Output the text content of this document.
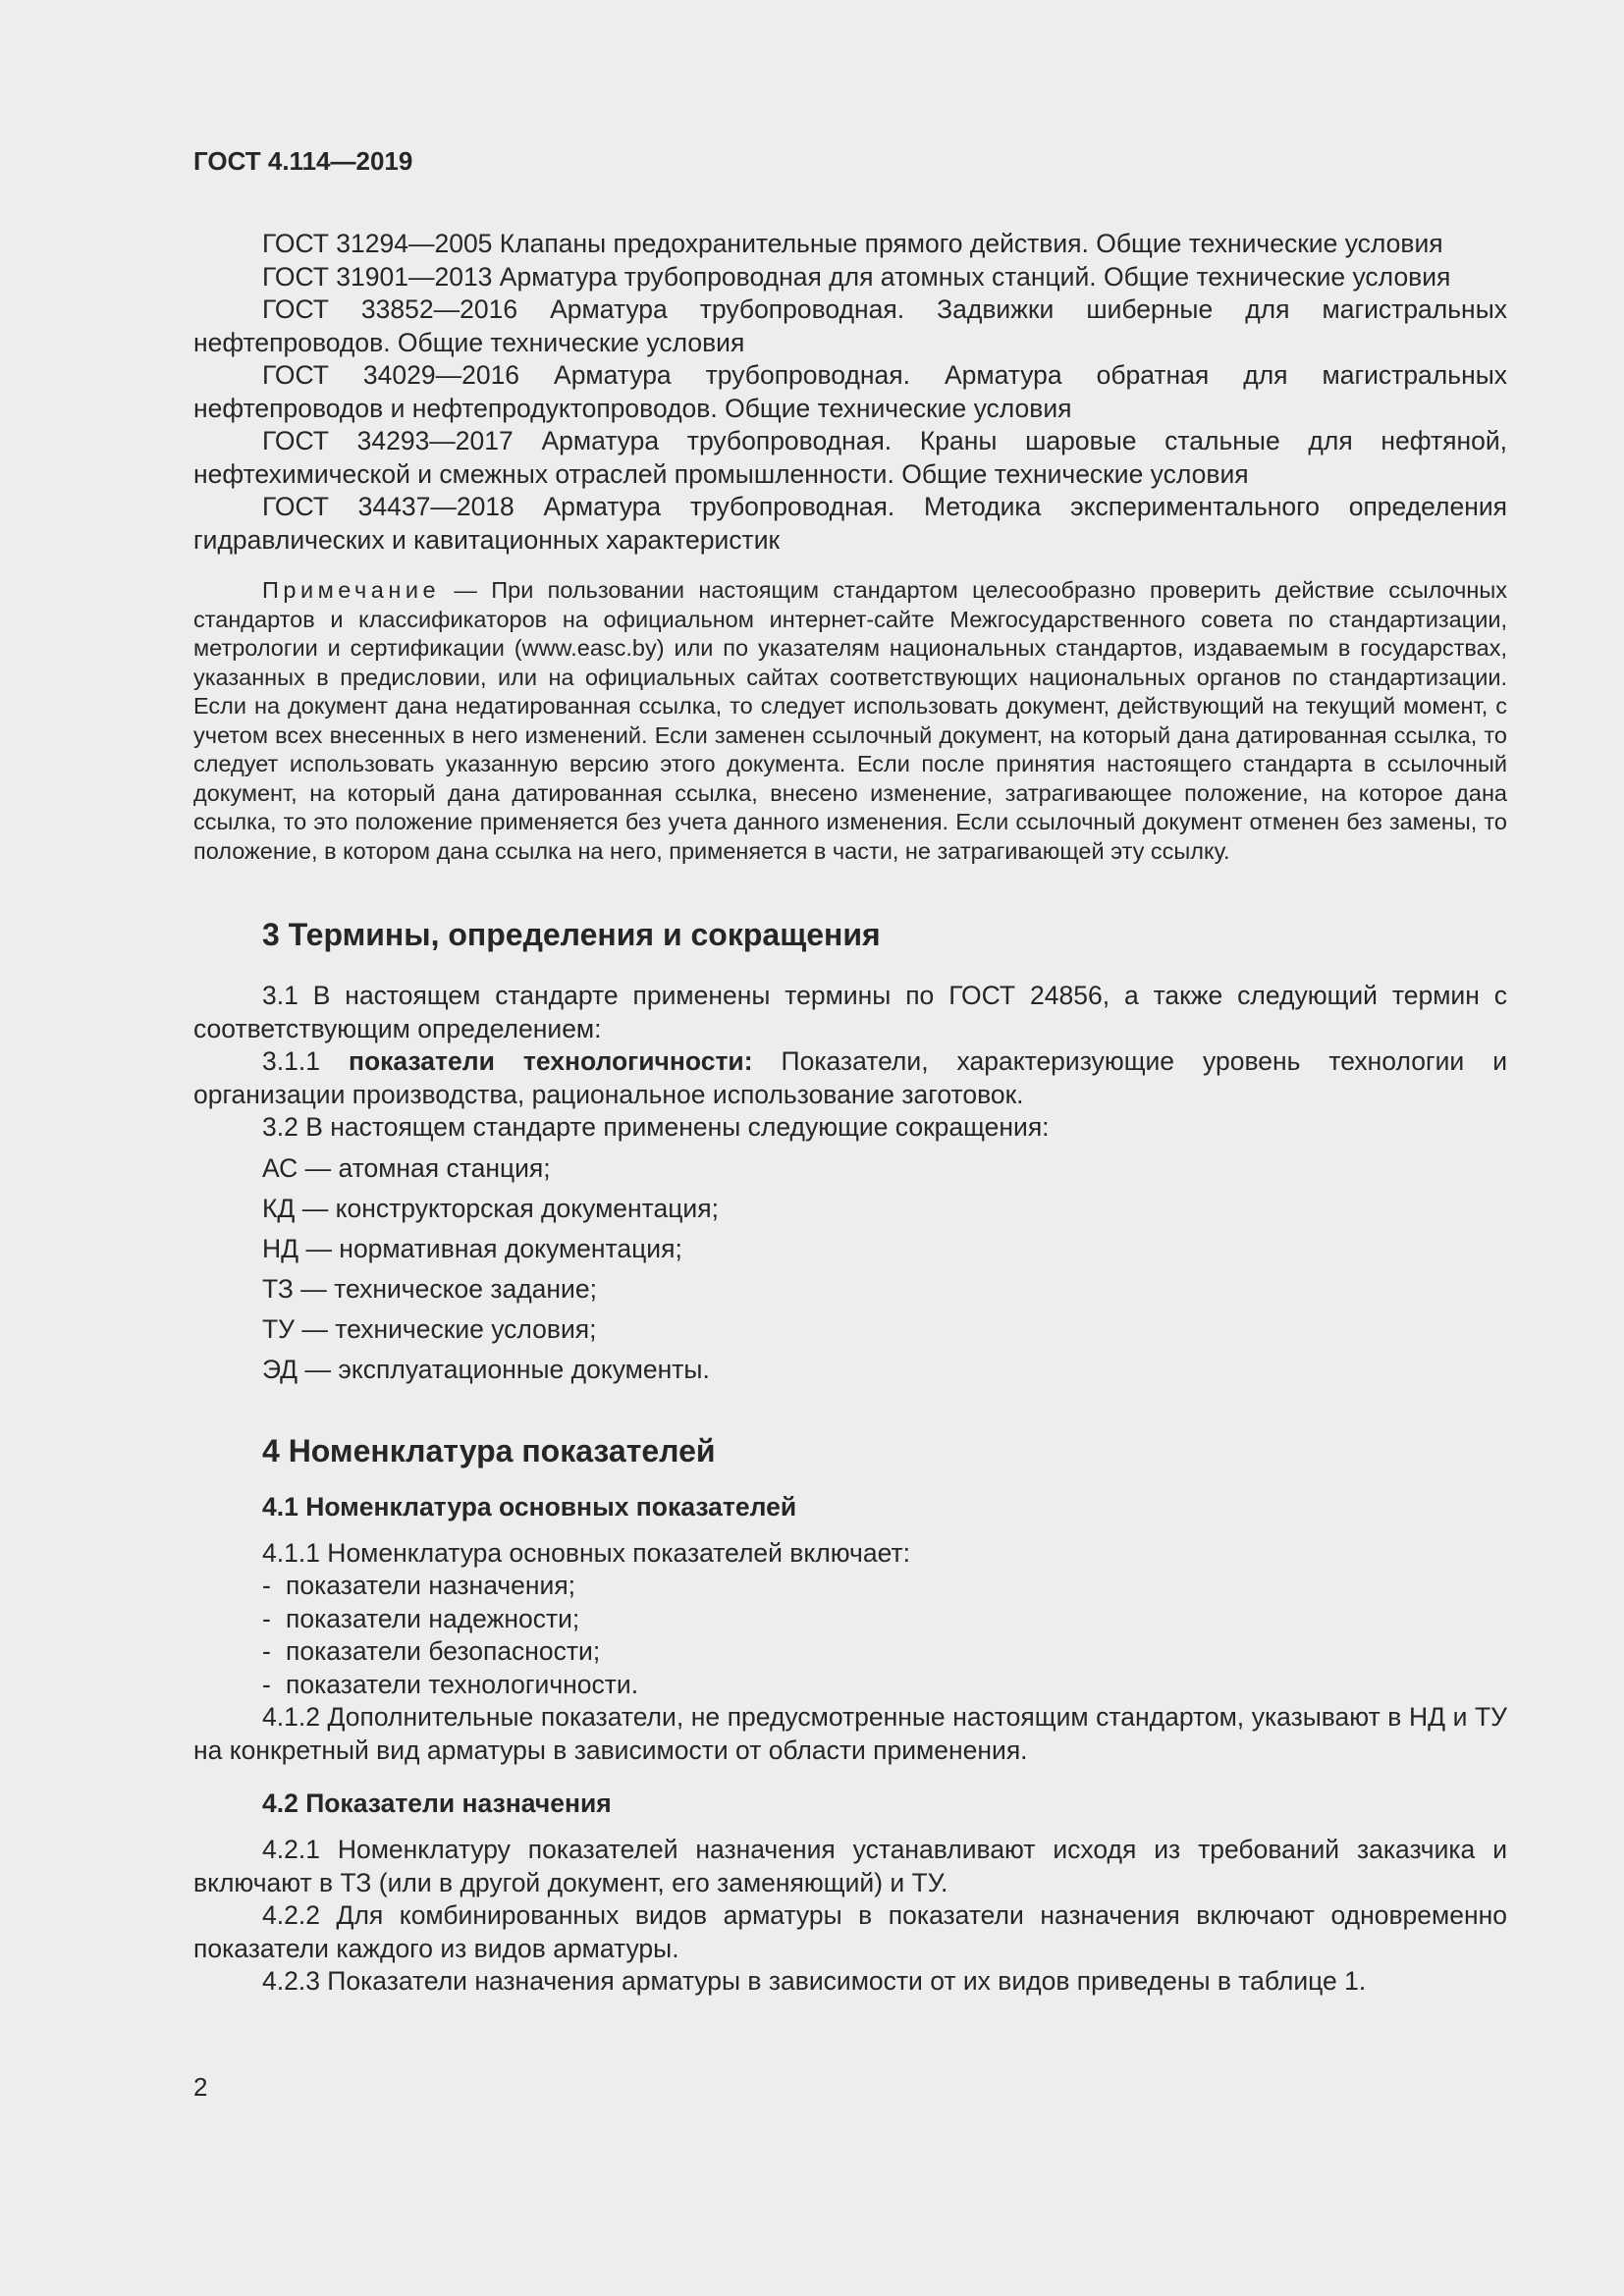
ГОСТ 4.114—2019

ГОСТ 31294—2005 Клапаны предохранительные прямого действия. Общие технические условия

ГОСТ 31901—2013 Арматура трубопроводная для атомных станций. Общие технические условия

ГОСТ 33852—2016 Арматура трубопроводная. Задвижки шиберные для магистральных нефтепроводов. Общие технические условия

ГОСТ 34029—2016 Арматура трубопроводная. Арматура обратная для магистральных нефтепроводов и нефтепродуктопроводов. Общие технические условия

ГОСТ 34293—2017 Арматура трубопроводная. Краны шаровые стальные для нефтяной, нефтехимической и смежных отраслей промышленности. Общие технические условия

ГОСТ 34437—2018 Арматура трубопроводная. Методика экспериментального определения гидравлических и кавитационных характеристик

Примечание — При пользовании настоящим стандартом целесообразно проверить действие ссылочных стандартов и классификаторов на официальном интернет-сайте Межгосударственного совета по стандартизации, метрологии и сертификации (www.easc.by) или по указателям национальных стандартов, издаваемым в государствах, указанных в предисловии, или на официальных сайтах соответствующих национальных органов по стандартизации. Если на документ дана недатированная ссылка, то следует использовать документ, действующий на текущий момент, с учетом всех внесенных в него изменений. Если заменен ссылочный документ, на который дана датированная ссылка, то следует использовать указанную версию этого документа. Если после принятия настоящего стандарта в ссылочный документ, на который дана датированная ссылка, внесено изменение, затрагивающее положение, на которое дана ссылка, то это положение применяется без учета данного изменения. Если ссылочный документ отменен без замены, то положение, в котором дана ссылка на него, применяется в части, не затрагивающей эту ссылку.
3 Термины, определения и сокращения

3.1 В настоящем стандарте применены термины по ГОСТ 24856, а также следующий термин с соответствующим определением:

3.1.1 показатели технологичности: Показатели, характеризующие уровень технологии и организации производства, рациональное использование заготовок.

3.2 В настоящем стандарте применены следующие сокращения:

АС — атомная станция;
КД — конструкторская документация;
НД — нормативная документация;
ТЗ — техническое задание;
ТУ — технические условия;
ЭД — эксплуатационные документы.
4 Номенклатура показателей
4.1 Номенклатура основных показателей

4.1.1 Номенклатура основных показателей включает:

- показатели назначения;
- показатели надежности;
- показатели безопасности;
- показатели технологичности.

4.1.2 Дополнительные показатели, не предусмотренные настоящим стандартом, указывают в НД и ТУ на конкретный вид арматуры в зависимости от области применения.

4.2 Показатели назначения

4.2.1 Номенклатуру показателей назначения устанавливают исходя из требований заказчика и включают в ТЗ (или в другой документ, его заменяющий) и ТУ.

4.2.2 Для комбинированных видов арматуры в показатели назначения включают одновременно показатели каждого из видов арматуры.

4.2.3 Показатели назначения арматуры в зависимости от их видов приведены в таблице 1.

2
